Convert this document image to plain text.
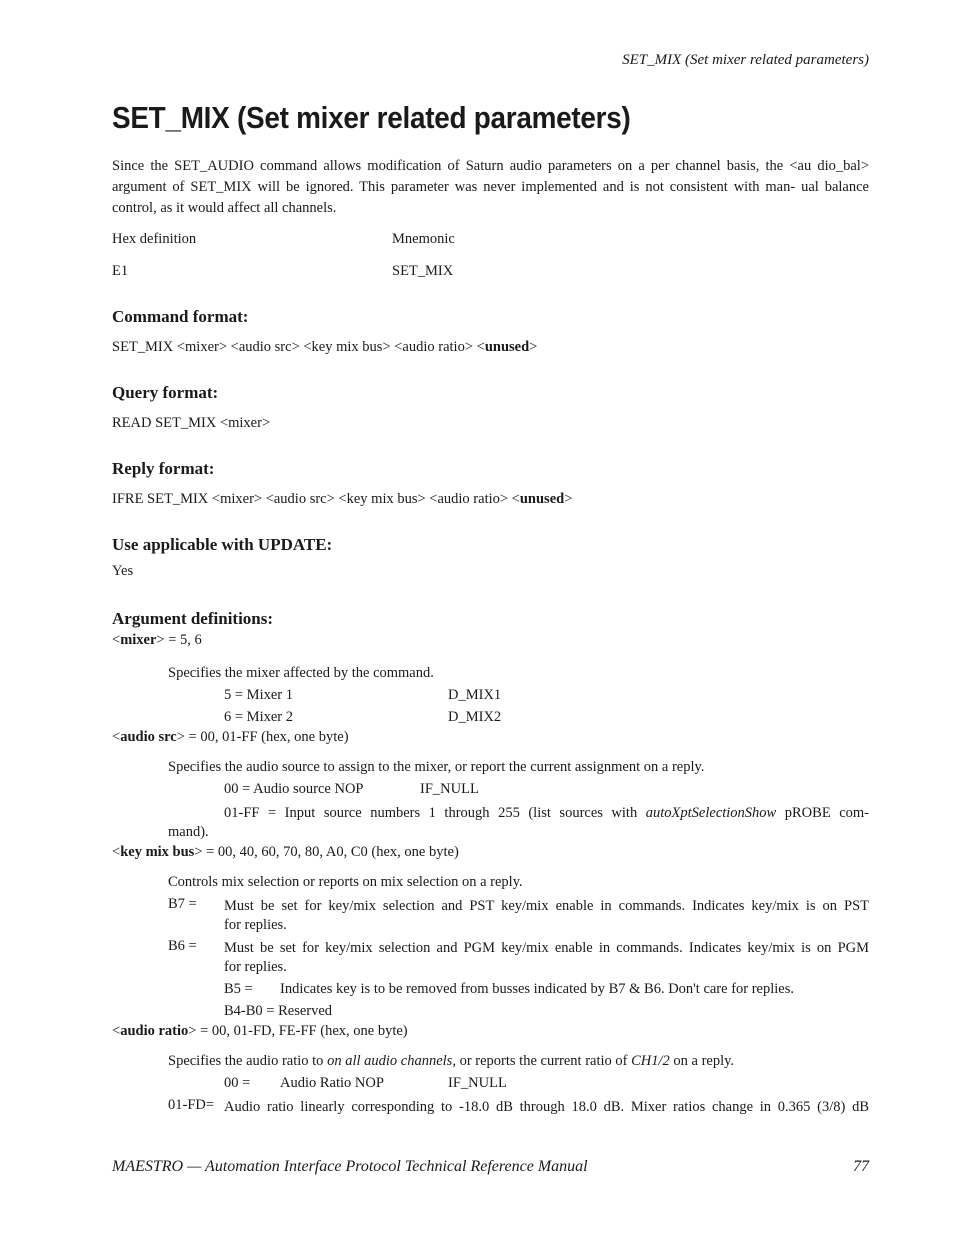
SET_MIX (Set mixer related parameters)
SET_MIX (Set mixer related parameters)
Since the SET_AUDIO command allows modification of Saturn audio parameters on a per channel basis, the <au dio_bal> argument of SET_MIX will be ignored. This parameter was never implemented and is not consistent with man- ual balance control, as it would affect all channels.
Hex definition	Mnemonic
E1	SET_MIX
Command format:
SET_MIX <mixer> <audio src> <key mix bus> <audio ratio> <unused>
Query format:
READ SET_MIX <mixer>
Reply format:
IFRE SET_MIX <mixer> <audio src> <key mix bus> <audio ratio> <unused>
Use applicable with UPDATE:
Yes
Argument definitions:
<mixer> = 5, 6
Specifies the mixer affected by the command.
5 = Mixer 1	D_MIX1
6 = Mixer 2	D_MIX2
<audio src> = 00, 01-FF (hex, one byte)
Specifies the audio source to assign to the mixer, or report the current assignment on a reply.
00 = Audio source NOP	IF_NULL
01-FF = Input source numbers 1 through 255 (list sources with autoXptSelectionShow pROBE com-
mand).
<key mix bus> = 00, 40, 60, 70, 80, A0, C0 (hex, one byte)
Controls mix selection or reports on mix selection on a reply.
B7 = Must be set for key/mix selection and PST key/mix enable in commands. Indicates key/mix is on PST
for replies.
B6 = Must be set for key/mix selection and PGM key/mix enable in commands. Indicates key/mix is on PGM
for replies.
B5 = Indicates key is to be removed from busses indicated by B7 & B6. Don't care for replies.
B4-B0 = Reserved
<audio ratio> = 00, 01-FD, FE-FF (hex, one byte)
Specifies the audio ratio to on all audio channels, or reports the current ratio of CH1/2 on a reply.
00 = Audio Ratio NOP	IF_NULL
01-FD= Audio ratio linearly corresponding to -18.0 dB through 18.0 dB. Mixer ratios change in 0.365 (3/8) dB
MAESTRO — Automation Interface Protocol Technical Reference Manual	77
